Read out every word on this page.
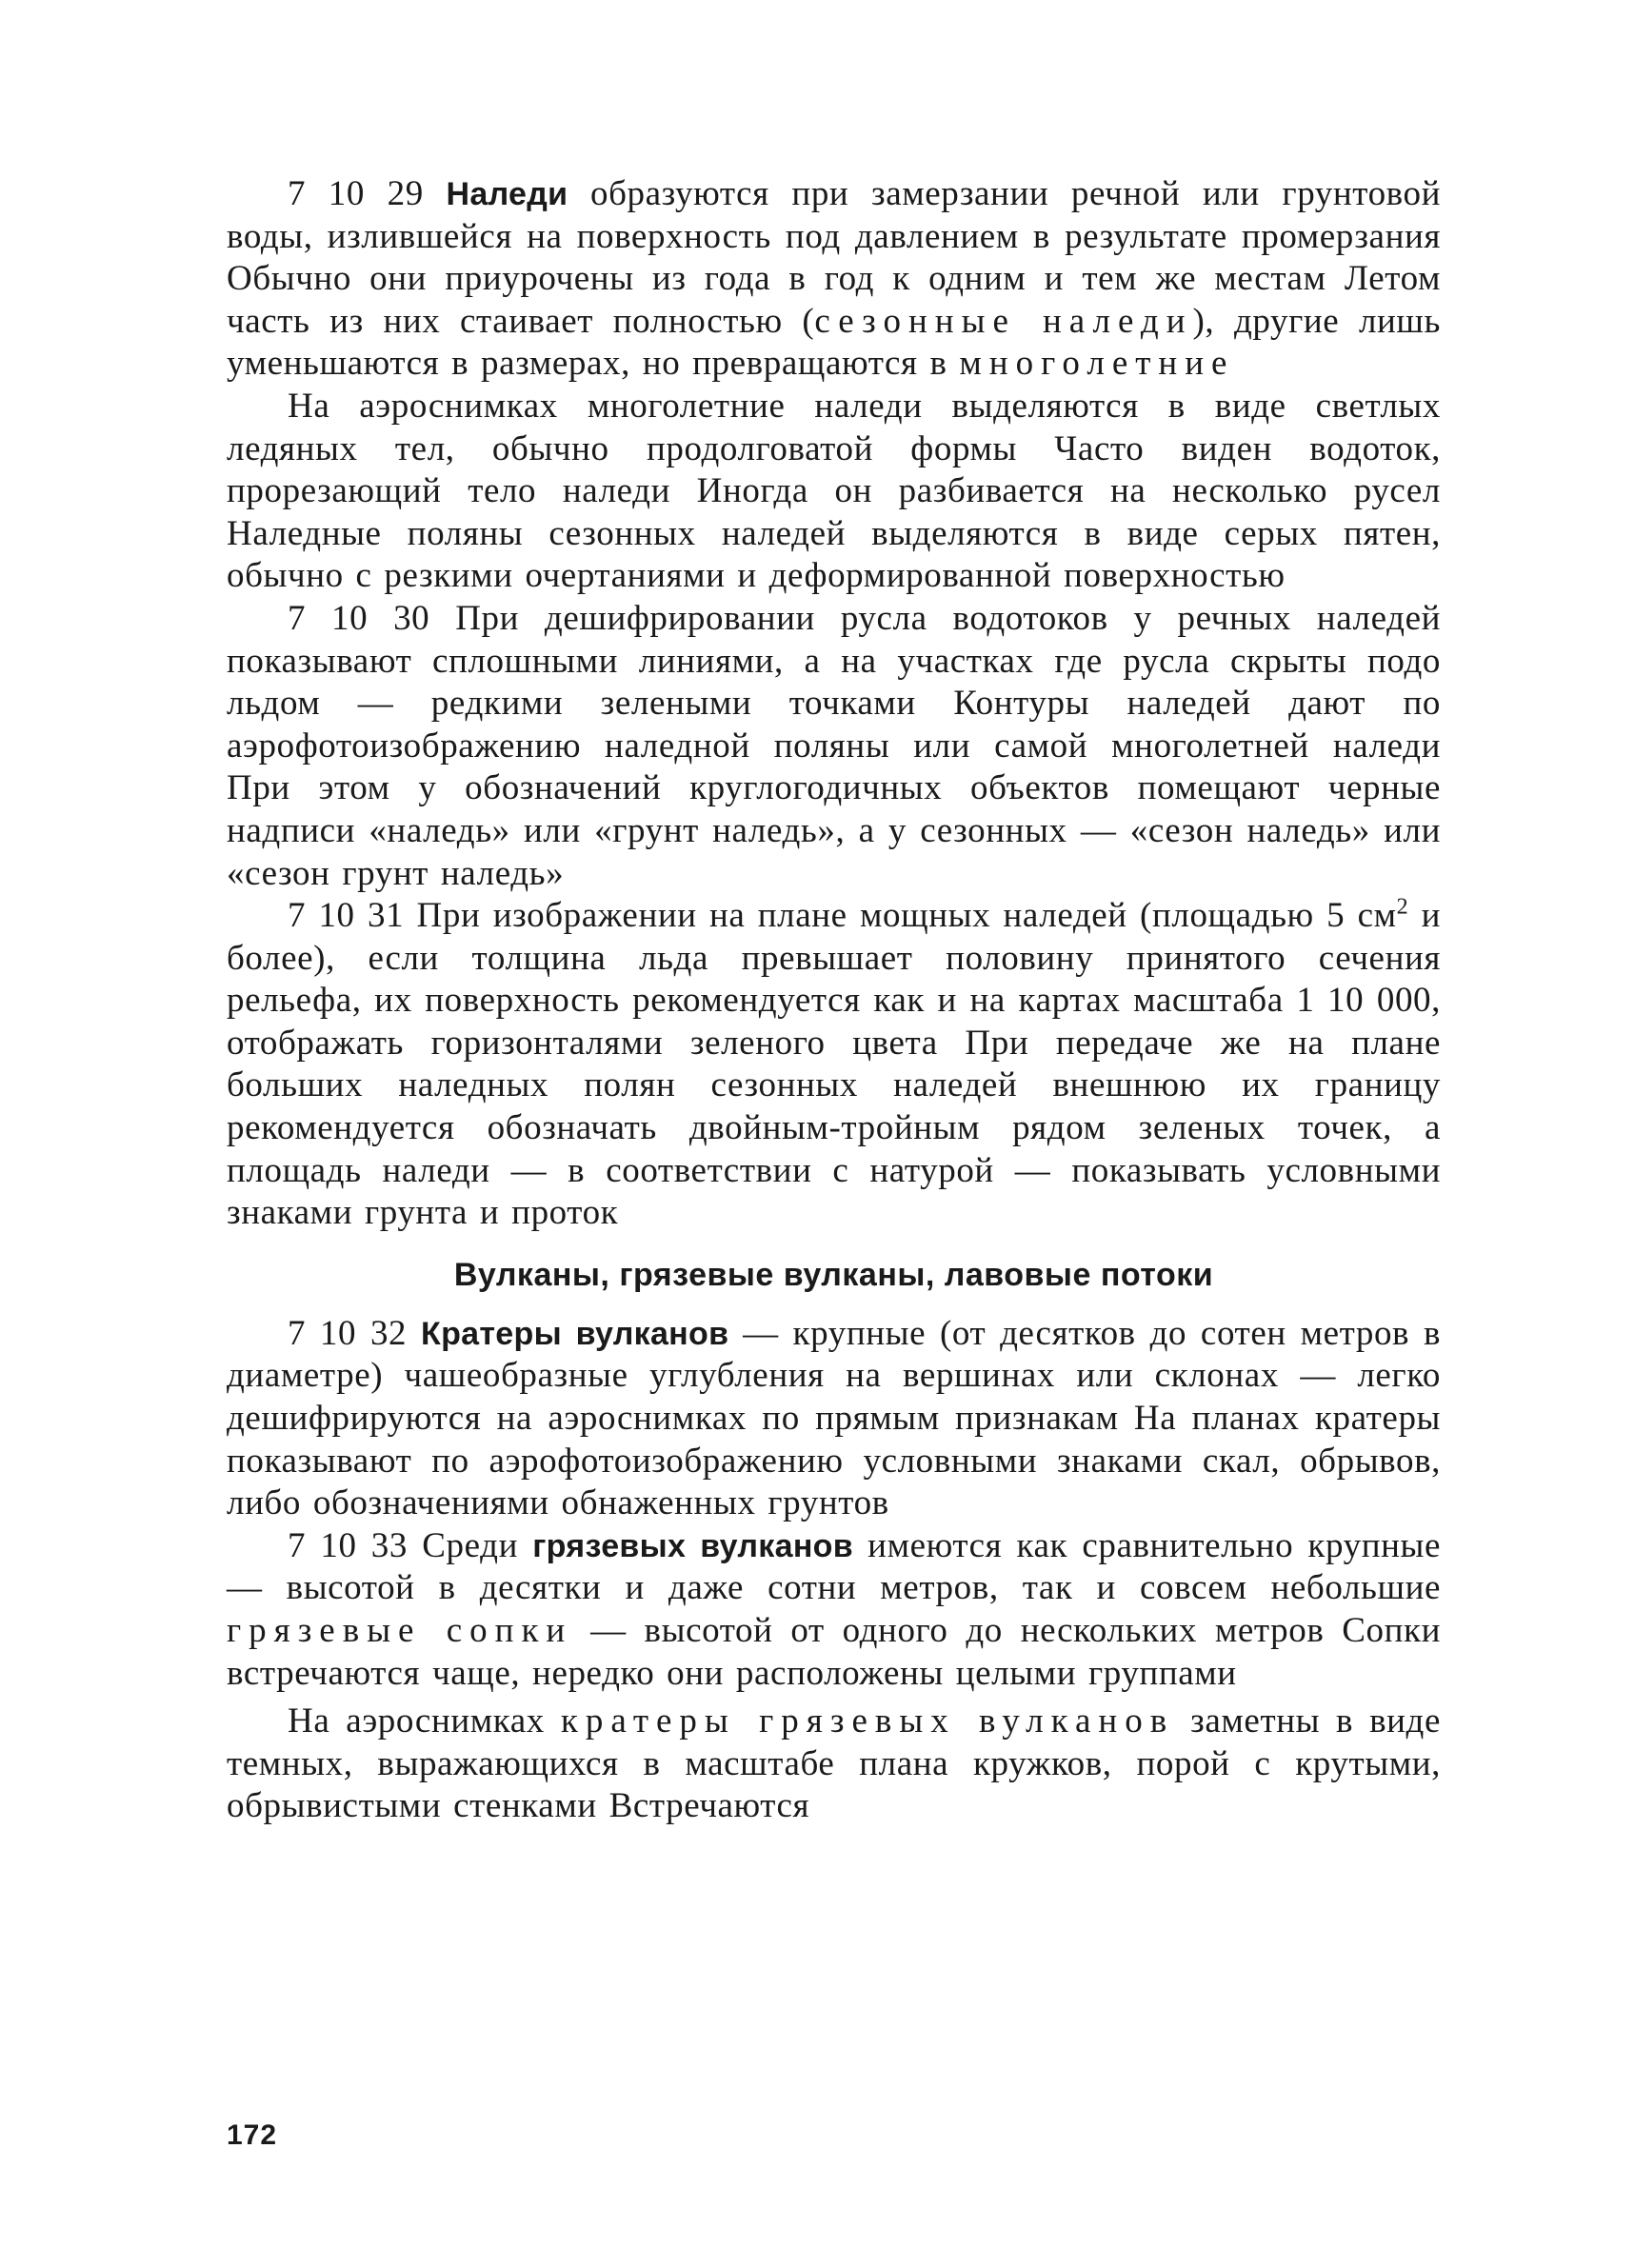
7 10 29 Наледи образуются при замерзании речной или грунтовой воды, излившейся на поверхность под давлением в результате промерзания Обычно они приурочены из года в год к одним и тем же местам Летом часть из них стаивает полностью (сезонные наледи), другие лишь уменьшаются в размерах, но превращаются в многолетние

На аэроснимках многолетние наледи выделяются в виде светлых ледяных тел, обычно продолговатой формы Часто виден водоток, прорезающий тело наледи Иногда он разбивается на несколько русел Наледные поляны сезонных наледей выделяются в виде серых пятен, обычно с резкими очертаниями и деформированной поверхностью

7 10 30 При дешифрировании русла водотоков у речных наледей показывают сплошными линиями, а на участках где русла скрыты подо льдом — редкими зелеными точками Контуры наледей дают по аэрофотоизображению наледной поляны или самой многолетней наледи При этом у обозначений круглогодичных объектов помещают черные надписи «наледь» или «грунт наледь», а у сезонных — «сезон наледь» или «сезон грунт наледь»

7 10 31 При изображении на плане мощных наледей (площадью 5 $см^2$ и более), если толщина льда превышает половину принятого сечения рельефа, их поверхность рекомендуется как и на картах масштаба 1 10 000, отображать горизонталями зеленого цвета При передаче же на плане больших наледных полян сезонных наледей внешнюю их границу рекомендуется обозначать двойным-тройным рядом зеленых точек, а площадь наледи — в соответствии с натурой — показывать условными знаками грунта и проток

Вулканы, грязевые вулканы, лавовые потоки

7 10 32 Кратеры вулканов — крупные (от десятков до сотен метров в диаметре) чашеобразные углубления на вершинах или склонах — легко дешифрируются на аэроснимках по прямым признакам На планах кратеры показывают по аэрофотоизображению условными знаками скал, обрывов, либо обозначениями обнаженных грунтов

7 10 33 Среди грязевых вулканов имеются как сравнительно крупные — высотой в десятки и даже сотни метров, так и совсем небольшие грязевые сопки — высотой от одного до нескольких метров Сопки встречаются чаще, нередко они расположены целыми группами

На аэроснимках кратеры грязевых вулканов заметны в виде темных, выражающихся в масштабе плана кружков, порой с крутыми, обрывистыми стенками Встречаются

172
